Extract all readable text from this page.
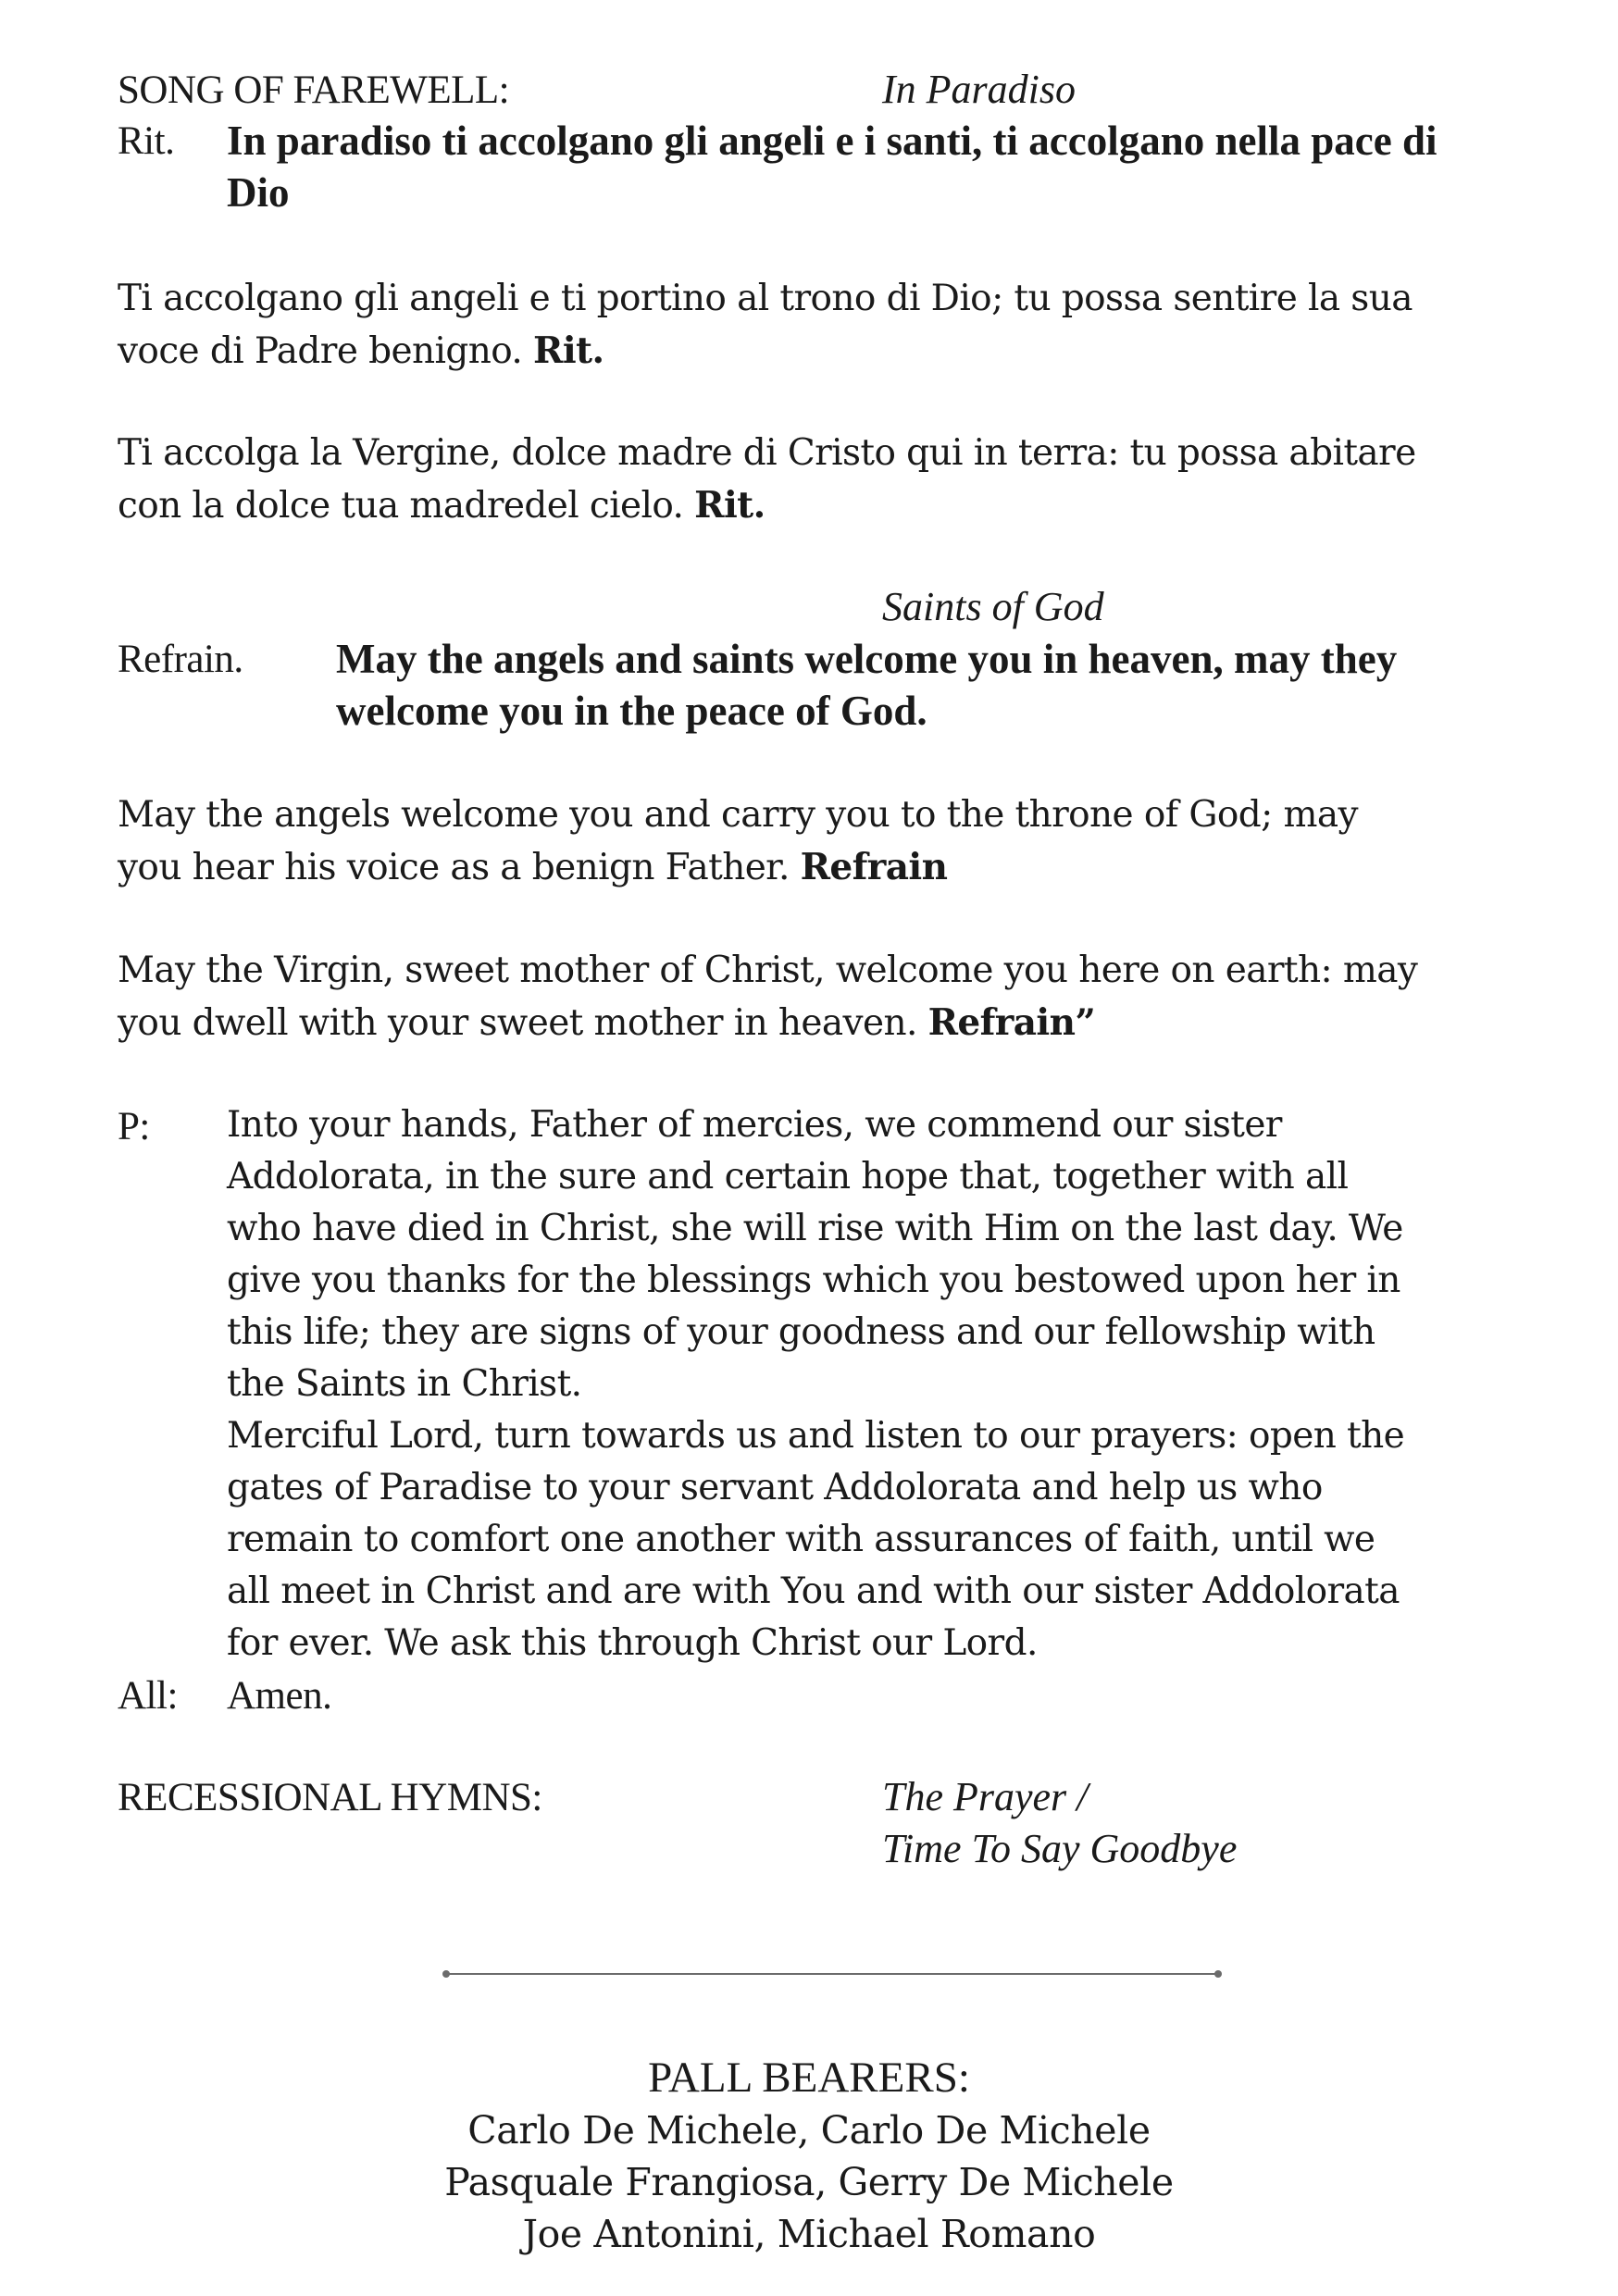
SONG OF FAREWELL:	In Paradiso
Rit. In paradiso ti accolgano gli angeli e i santi, ti accolgano nella pace di
Dio
Ti accolgano gli angeli e ti portino al trono di Dio; tu possa sentire la sua
voce di Padre benigno. Rit.
Ti accolga la Vergine, dolce madre di Cristo qui in terra: tu possa abitare
con la dolce tua madredel cielo. Rit.
Saints of God
Refrain. May the angels and saints welcome you in heaven, may they
welcome you in the peace of God.
May the angels welcome you and carry you to the throne of God; may
you hear his voice as a benign Father. Refrain
May the Virgin, sweet mother of Christ, welcome you here on earth: may
you dwell with your sweet mother in heaven. Refrain”
P: Into your hands, Father of mercies, we commend our sister
Addolorata, in the sure and certain hope that, together with all
who have died in Christ, she will rise with Him on the last day. We
give you thanks for the blessings which you bestowed upon her in
this life; they are signs of your goodness and our fellowship with
the Saints in Christ.
Merciful Lord, turn towards us and listen to our prayers: open the
gates of Paradise to your servant Addolorata and help us who
remain to comfort one another with assurances of faith, until we
all meet in Christ and are with You and with our sister Addolorata
for ever. We ask this through Christ our Lord.
All: Amen.
RECESSIONAL HYMNS:	The Prayer /
Time To Say Goodbye
PALL BEARERS:
Carlo De Michele, Carlo De Michele
Pasquale Frangiosa, Gerry De Michele
Joe Antonini, Michael Romano
